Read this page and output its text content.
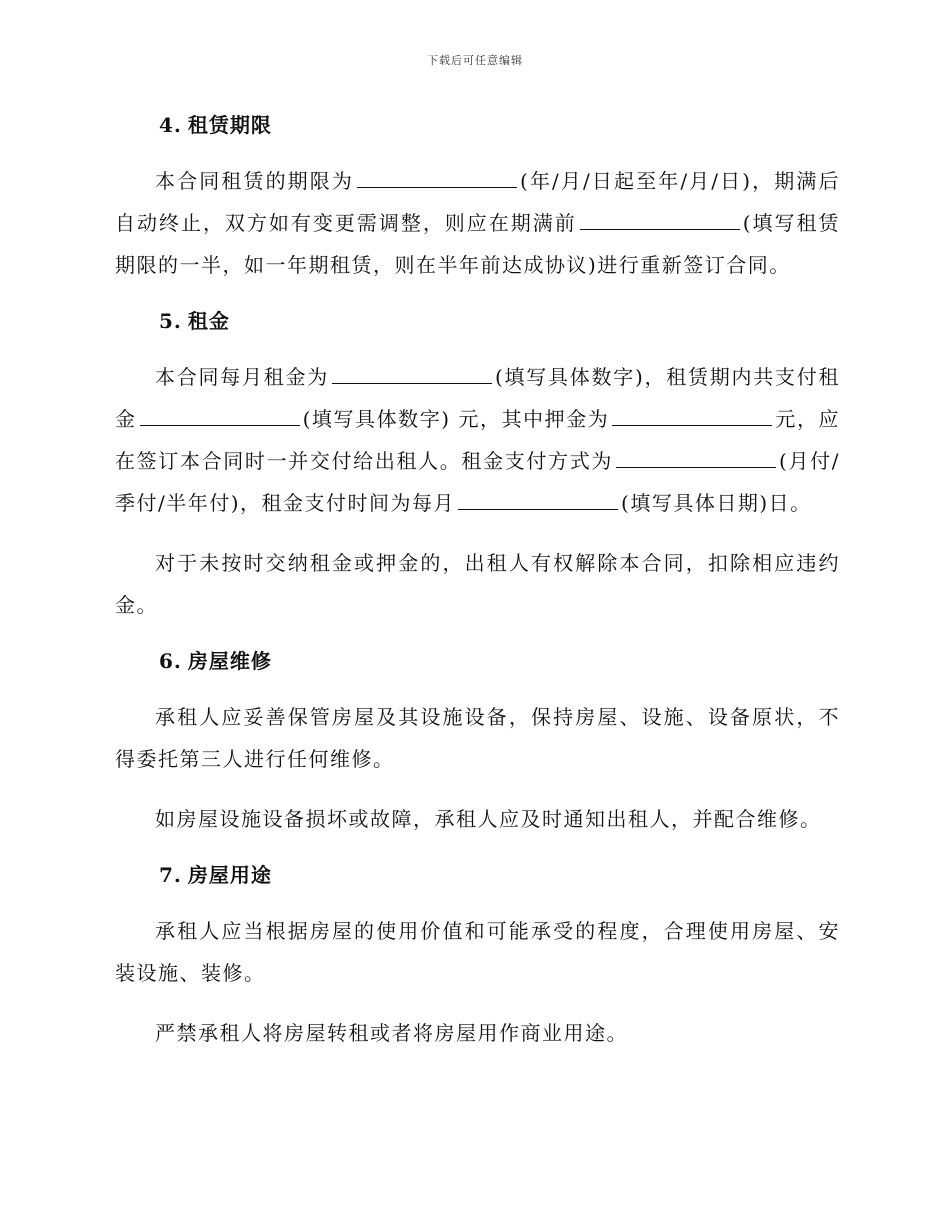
下载后可任意编辑
4. 租赁期限

本合同租赁的期限为	(年/月/日起至年/月/日)，期满后自动终止，双方如有变更需调整，则应在期满前	(填写租赁期限的一半，如一年期租赁，则在半年前达成协议)进行重新签订合同。

5. 租金

本合同每月租金为	(填写具体数字)，租赁期内共支付租金	(填写具体数字) 元，其中押金为	元，应在签订本合同时一并交付给出租人。租金支付方式为	(月付/季付/半年付)，租金支付时间为每月	(填写具体日期)日。

对于未按时交纳租金或押金的，出租人有权解除本合同，扣除相应违约金。

6. 房屋维修

承租人应妥善保管房屋及其设施设备，保持房屋、设施、设备原状，不得委托第三人进行任何维修。

如房屋设施设备损坏或故障，承租人应及时通知出租人，并配合维修。

7. 房屋用途

承租人应当根据房屋的使用价值和可能承受的程度，合理使用房屋、安装设施、装修。

严禁承租人将房屋转租或者将房屋用作商业用途。
